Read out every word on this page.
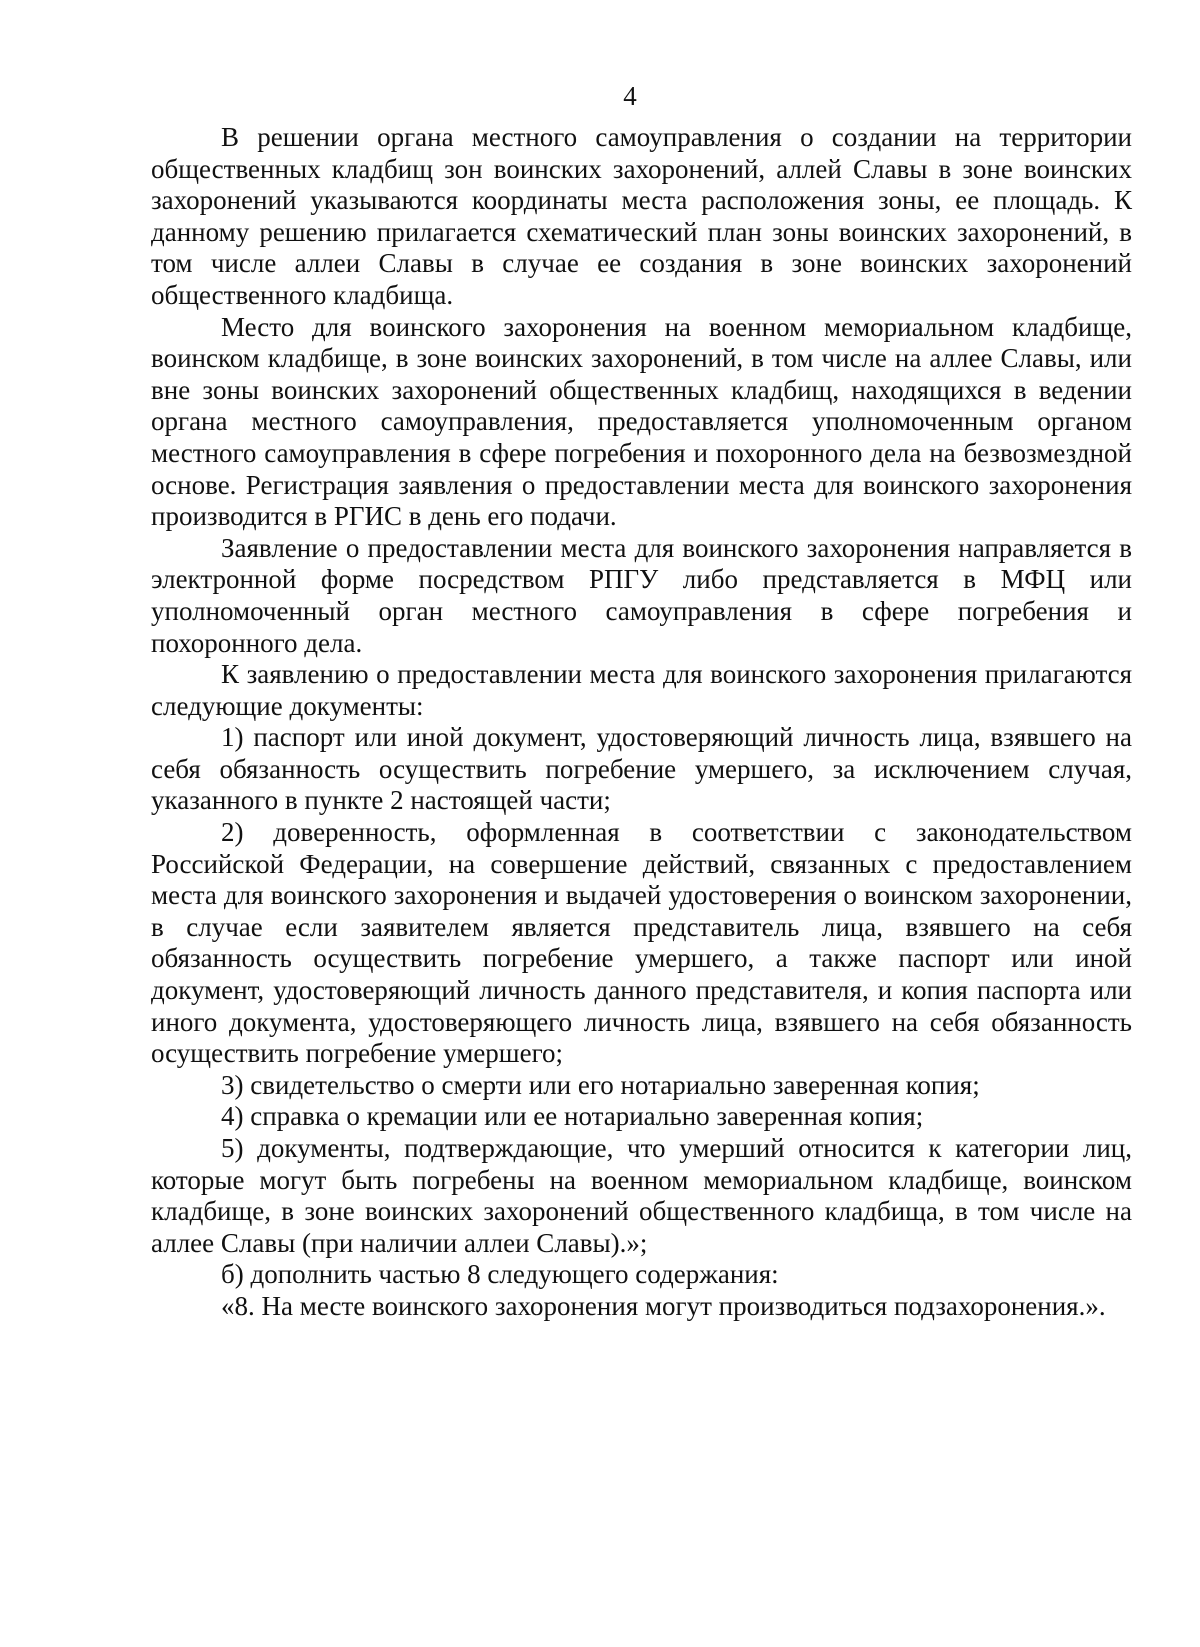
4

В решении органа местного самоуправления о создании на территории общественных кладбищ зон воинских захоронений, аллей Славы в зоне воинских захоронений указываются координаты места расположения зоны, ее площадь. К данному решению прилагается схематический план зоны воинских захоронений, в том числе аллеи Славы в случае ее создания в зоне воинских захоронений общественного кладбища.

Место для воинского захоронения на военном мемориальном кладбище, воинском кладбище, в зоне воинских захоронений, в том числе на аллее Славы, или вне зоны воинских захоронений общественных кладбищ, находящихся в ведении органа местного самоуправления, предоставляется уполномоченным органом местного самоуправления в сфере погребения и похоронного дела на безвозмездной основе. Регистрация заявления о предоставлении места для воинского захоронения производится в РГИС в день его подачи.

Заявление о предоставлении места для воинского захоронения направляется в электронной форме посредством РПГУ либо представляется в МФЦ или уполномоченный орган местного самоуправления в сфере погребения и похоронного дела.

К заявлению о предоставлении места для воинского захоронения прилагаются следующие документы:

1) паспорт или иной документ, удостоверяющий личность лица, взявшего на себя обязанность осуществить погребение умершего, за исключением случая, указанного в пункте 2 настоящей части;

2) доверенность, оформленная в соответствии с законодательством Российской Федерации, на совершение действий, связанных с предоставлением места для воинского захоронения и выдачей удостоверения о воинском захоронении, в случае если заявителем является представитель лица, взявшего на себя обязанность осуществить погребение умершего, а также паспорт или иной документ, удостоверяющий личность данного представителя, и копия паспорта или иного документа, удостоверяющего личность лица, взявшего на себя обязанность осуществить погребение умершего;

3) свидетельство о смерти или его нотариально заверенная копия;

4) справка о кремации или ее нотариально заверенная копия;

5) документы, подтверждающие, что умерший относится к категории лиц, которые могут быть погребены на военном мемориальном кладбище, воинском кладбище, в зоне воинских захоронений общественного кладбища, в том числе на аллее Славы (при наличии аллеи Славы).»;

б) дополнить частью 8 следующего содержания:

«8. На месте воинского захоронения могут производиться подзахоронения.».
